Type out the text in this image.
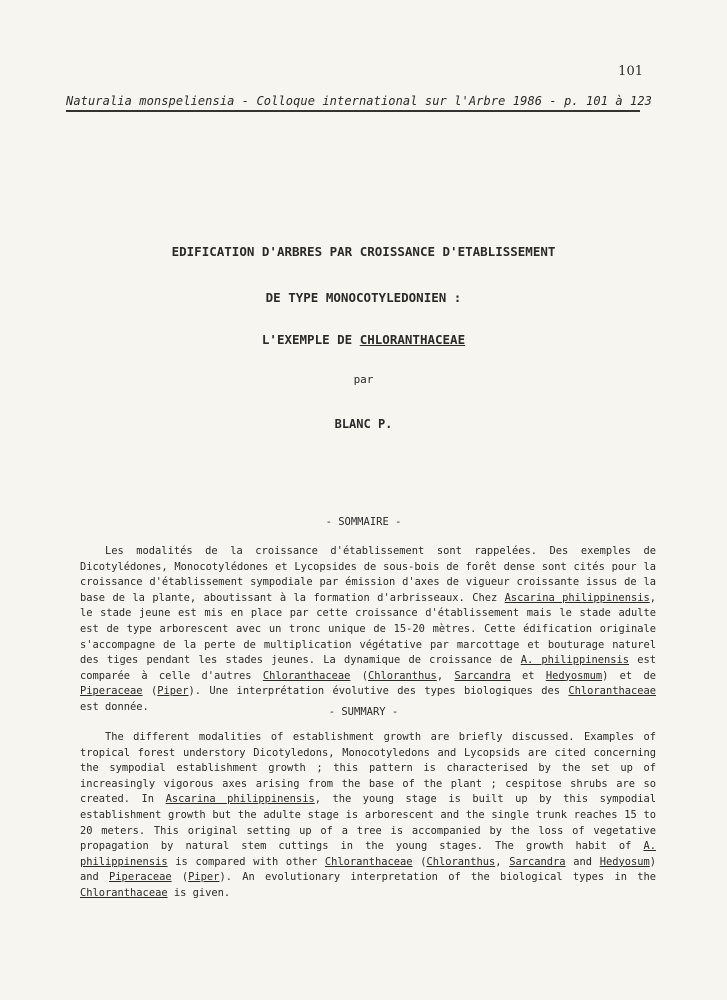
101
Naturalia monspeliensia - Colloque international sur l'Arbre 1986 - p. 101 à 123
EDIFICATION D'ARBRES PAR CROISSANCE D'ETABLISSEMENT
DE TYPE MONOCOTYLEDONIEN :
L'EXEMPLE DE CHLORANTHACEAE
par
BLANC P.
- SOMMAIRE -

Les modalités de la croissance d'établissement sont rappelées. Des exemples de Dicotylédones, Monocotylédones et Lycopsides de sous-bois de forêt dense sont cités pour la croissance d'établissement sympodiale par émission d'axes de vigueur croissante issus de la base de la plante, aboutissant à la formation d'arbrisseaux. Chez Ascarina philippinensis, le stade jeune est mis en place par cette croissance d'établissement mais le stade adulte est de type arborescent avec un tronc unique de 15-20 mètres. Cette édification originale s'accompagne de la perte de multiplication végétative par marcottage et bouturage naturel des tiges pendant les stades jeunes. La dynamique de croissance de A. philippinensis est comparée à celle d'autres Chloranthaceae (Chloranthus, Sarcandra et Hedyosmum) et de Piperaceae (Piper). Une interprétation évolutive des types biologiques des Chloranthaceae est donnée.	- SUMMARY -

The different modalities of establishment growth are briefly discussed. Examples of tropical forest understory Dicotyledons, Monocotyledons and Lycopsids are cited concerning the sympodial establishment growth ; this pattern is characterised by the set up of increasingly vigorous axes arising from the base of the plant ; cespitose shrubs are so created. In Ascarina philippinensis, the young stage is built up by this sympodial establishment growth but the adulte stage is arborescent and the single trunk reaches 15 to 20 meters. This original setting up of a tree is accompanied by the loss of vegetative propagation by natural stem cuttings in the young stages. The growth habit of A. philippinensis is compared with other Chloranthaceae (Chloranthus, Sarcandra and Hedyosum) and Piperaceae (Piper). An evolutionary interpretation of the biological types in the Chloranthaceae is given.
